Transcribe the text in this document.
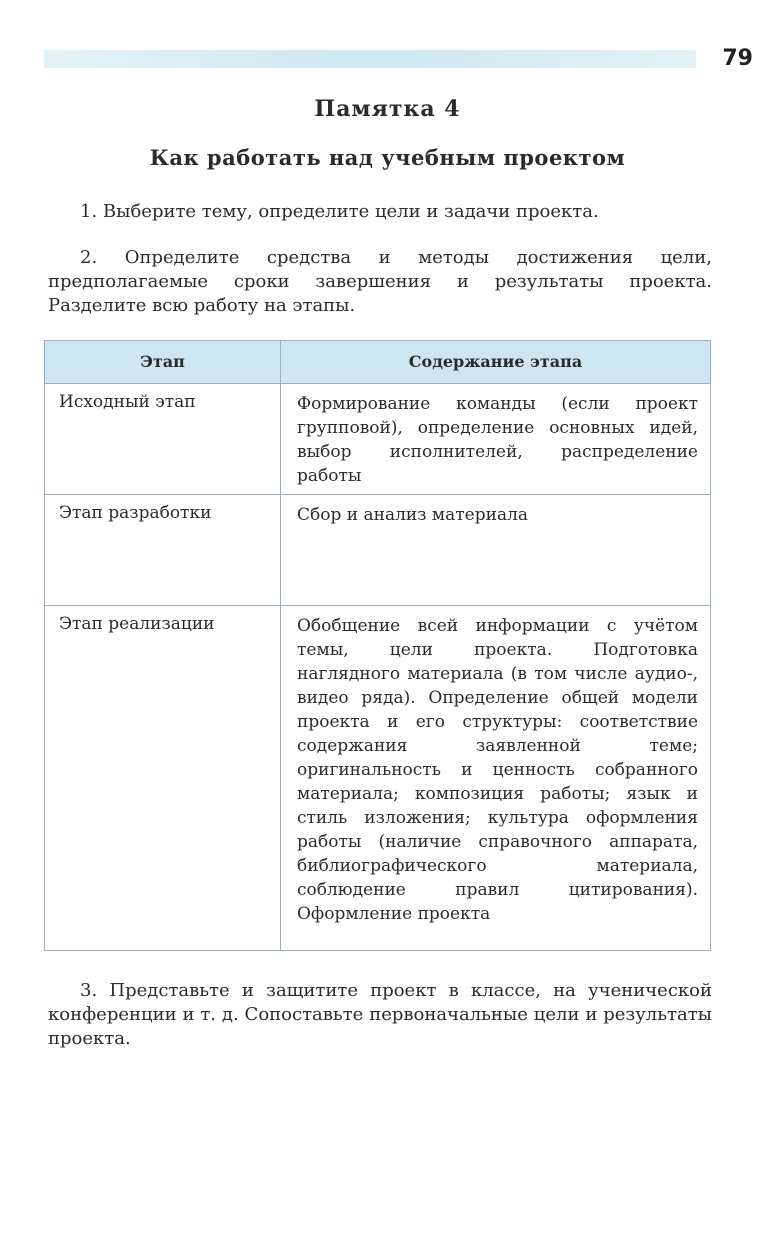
79
Памятка 4
Как работать над учебным проектом
1. Выберите тему, определите цели и задачи проекта.
2. Определите средства и методы достижения цели, предполагаемые сроки завершения и результаты проекта. Разделите всю работу на этапы.
Этап	Содержание этапа
Исходный этап	Формирование команды (если проект групповой), определение основных идей, выбор исполнителей, распределение работы
Этап разработки	Сбор и анализ материала
Этап реализации	Обобщение всей информации с учётом темы, цели проекта. Подготовка наглядного материала (в том числе аудио-, видео ряда). Определение общей модели проекта и его структуры: соответствие содержания заявленной теме; оригинальность и ценность собранного материала; композиция работы; язык и стиль изложения; культура оформления работы (наличие справочного аппарата, библиографического материала, соблюдение правил цитирования). Оформление проекта
3. Представьте и защитите проект в классе, на ученической конференции и т. д. Сопоставьте первоначальные цели и результаты проекта.
